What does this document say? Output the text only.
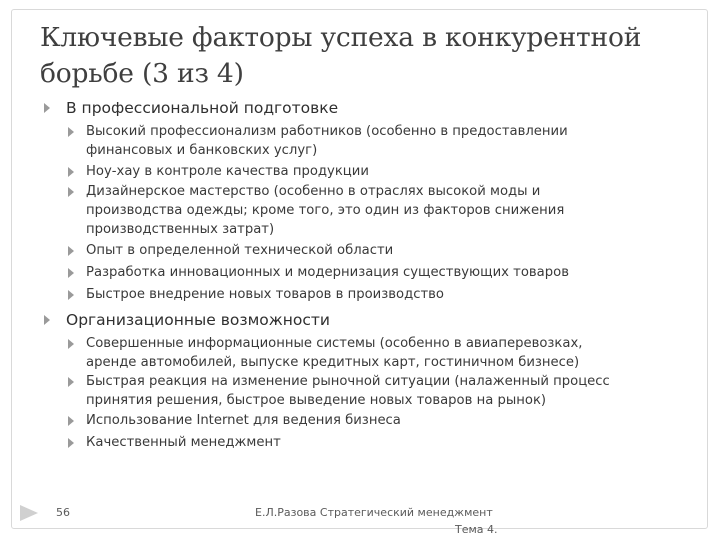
Ключевые факторы успеха в конкурентной борьбе (3 из 4)
В профессиональной подготовке
Высокий профессионализм работников (особенно в предоставлении
финансовых и банковских услуг)
Ноу-хау в контроле качества продукции
Дизайнерское мастерство (особенно в отраслях высокой моды и
производства одежды; кроме того, это один из факторов снижения
производственных затрат)
Опыт в определенной технической области
Разработка инновационных и модернизация существующих товаров
Быстрое внедрение новых товаров в производство
Организационные возможности
Совершенные информационные системы (особенно в авиаперевозках,
аренде автомобилей, выпуске кредитных карт, гостиничном бизнесе)
Быстрая реакция на изменение рыночной ситуации (налаженный процесс
принятия решения, быстрое выведение новых товаров на рынок)
Использование Internet для ведения бизнеса
Качественный менеджмент
56	Е.Л.Разова Стратегический менеджмент
Тема 4.
